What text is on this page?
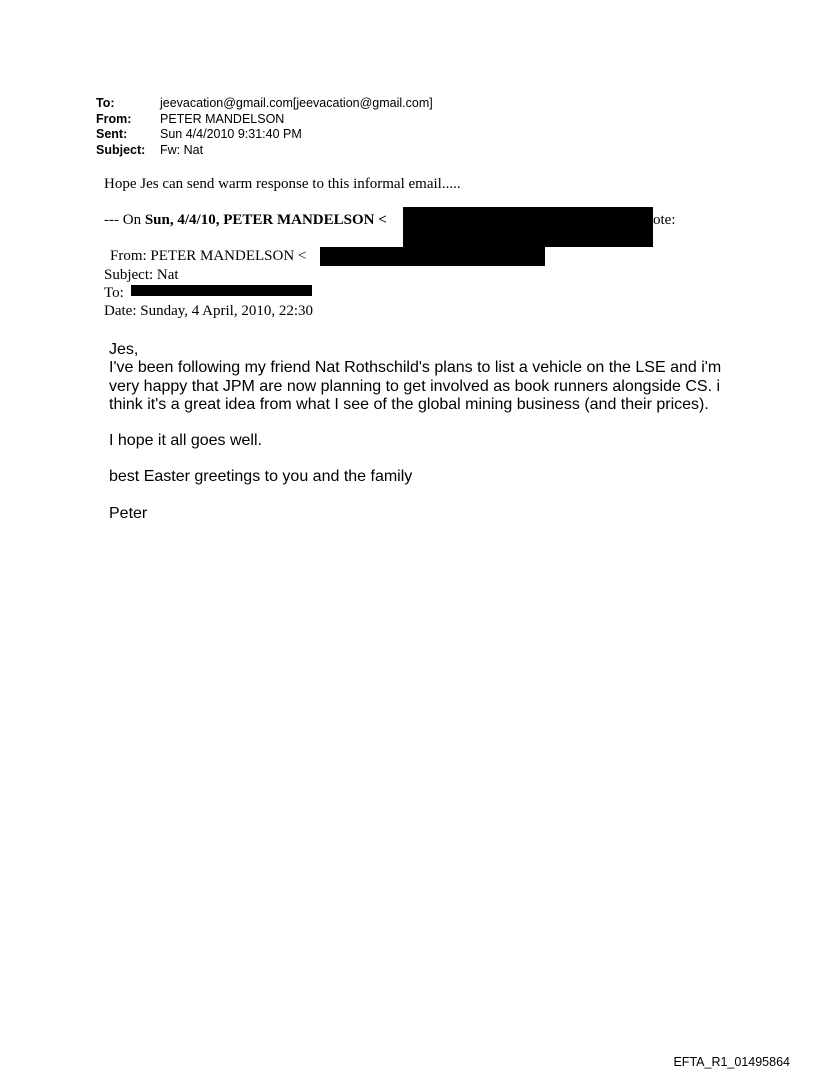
To:	jeevacation@gmail.com[jeevacation@gmail.com]
From:	PETER MANDELSON
Sent:	Sun 4/4/2010 9:31:40 PM
Subject:	Fw: Nat
Hope Jes can send warm response to this informal email.....
--- On Sun, 4/4/10, PETER MANDELSON <	ote:
From: PETER MANDELSON <
Subject: Nat
To:
Date: Sunday, 4 April, 2010, 22:30

Jes,

I've been following my friend Nat Rothschild's plans to list a vehicle on the LSE and i'm very happy that JPM are now planning to get involved as book runners alongside CS. i think it's a great idea from what I see of the global mining business (and their prices).

I hope it all goes well.

best Easter greetings to you and the family

Peter

EFTA_R1_01495864
